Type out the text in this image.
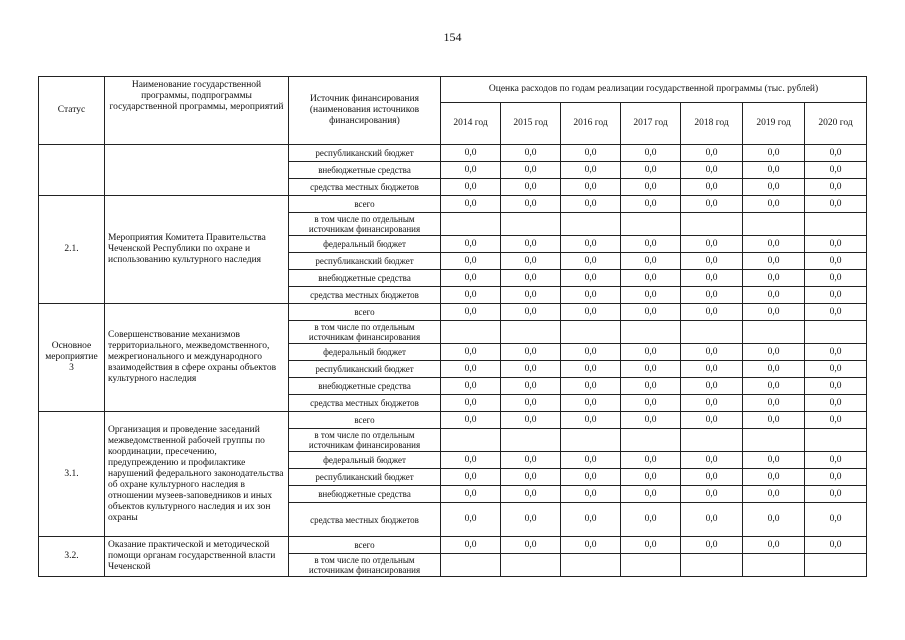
154
Статус	Наименование государственной программы, подпрограммы государственной программы, мероприятий	Источник финансирования (наименования источников финансирования)	Оценка расходов по годам реализации государственной программы (тыс. рублей)						
			2014 год	2015 год	2016 год	2017 год	2018 год	2019 год	2020 год
		республиканский бюджет	0,0	0,0	0,0	0,0	0,0	0,0	0,0
		внебюджетные средства	0,0	0,0	0,0	0,0	0,0	0,0	0,0
		средства местных бюджетов	0,0	0,0	0,0	0,0	0,0	0,0	0,0
2.1.	Мероприятия Комитета Правительства Чеченской Республики по охране и использованию культурного наследия	всего	0,0	0,0	0,0	0,0	0,0	0,0	0,0
		в том числе по отдельным источникам финансирования							
		федеральный бюджет	0,0	0,0	0,0	0,0	0,0	0,0	0,0
		республиканский бюджет	0,0	0,0	0,0	0,0	0,0	0,0	0,0
		внебюджетные средства	0,0	0,0	0,0	0,0	0,0	0,0	0,0
		средства местных бюджетов	0,0	0,0	0,0	0,0	0,0	0,0	0,0
Основное мероприятие 3	Совершенствование механизмов территориального, межведомственного, межрегионального и международного взаимодействия в сфере охраны объектов культурного наследия	всего	0,0	0,0	0,0	0,0	0,0	0,0	0,0
		в том числе по отдельным источникам финансирования							
		федеральный бюджет	0,0	0,0	0,0	0,0	0,0	0,0	0,0
		республиканский бюджет	0,0	0,0	0,0	0,0	0,0	0,0	0,0
		внебюджетные средства	0,0	0,0	0,0	0,0	0,0	0,0	0,0
		средства местных бюджетов	0,0	0,0	0,0	0,0	0,0	0,0	0,0
3.1.	Организация и проведение заседаний межведомственной рабочей группы по координации, пресечению, предупреждению и профилактике нарушений федерального законодательства об охране культурного наследия в отношении музеев-заповедников и иных объектов культурного наследия и их зон охраны	всего	0,0	0,0	0,0	0,0	0,0	0,0	0,0
		в том числе по отдельным источникам финансирования							
		федеральный бюджет	0,0	0,0	0,0	0,0	0,0	0,0	0,0
		республиканский бюджет	0,0	0,0	0,0	0,0	0,0	0,0	0,0
		внебюджетные средства	0,0	0,0	0,0	0,0	0,0	0,0	0,0
		средства местных бюджетов	0,0	0,0	0,0	0,0	0,0	0,0	0,0
3.2.	Оказание практической и методической помощи органам государственной власти Чеченской	всего	0,0	0,0	0,0	0,0	0,0	0,0	0,0
		в том числе по отдельным источникам финансирования							
